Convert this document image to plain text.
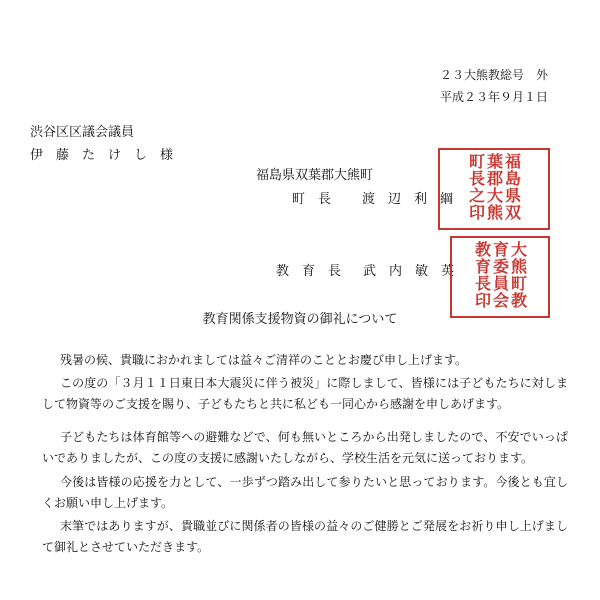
２３大熊教総号　外
平成２３年９月１日
渋谷区区議会議員
伊　藤　た　け　し　様
福島県双葉郡大熊町
町　長 渡　辺　利　綱	福島県双
葉郡大熊
町長之印
教　育　長 武　内　敏　英	大熊町教
育委員会
教育長印
教育関係支援物資の御礼について
残暑の候、貴職におかれましては益々ご清祥のこととお慶び申し上げます。
この度の「３月１１日東日本大震災に伴う被災」に際しまして、皆様には子どもたちに対しまして物資等のご支援を賜り、子どもたちと共に私ども一同心から感謝を申しあげます。
子どもたちは体育館等への避難などで、何も無いところから出発しましたので、不安でいっぱいでありましたが、この度の支援に感謝いたしながら、学校生活を元気に送っております。
今後は皆様の応援を力として、一歩ずつ踏み出して参りたいと思っております。今後とも宜しくお願い申し上げます。
末筆ではありますが、貴職並びに関係者の皆様の益々のご健勝とご発展をお祈り申し上げまして御礼とさせていただきます。
